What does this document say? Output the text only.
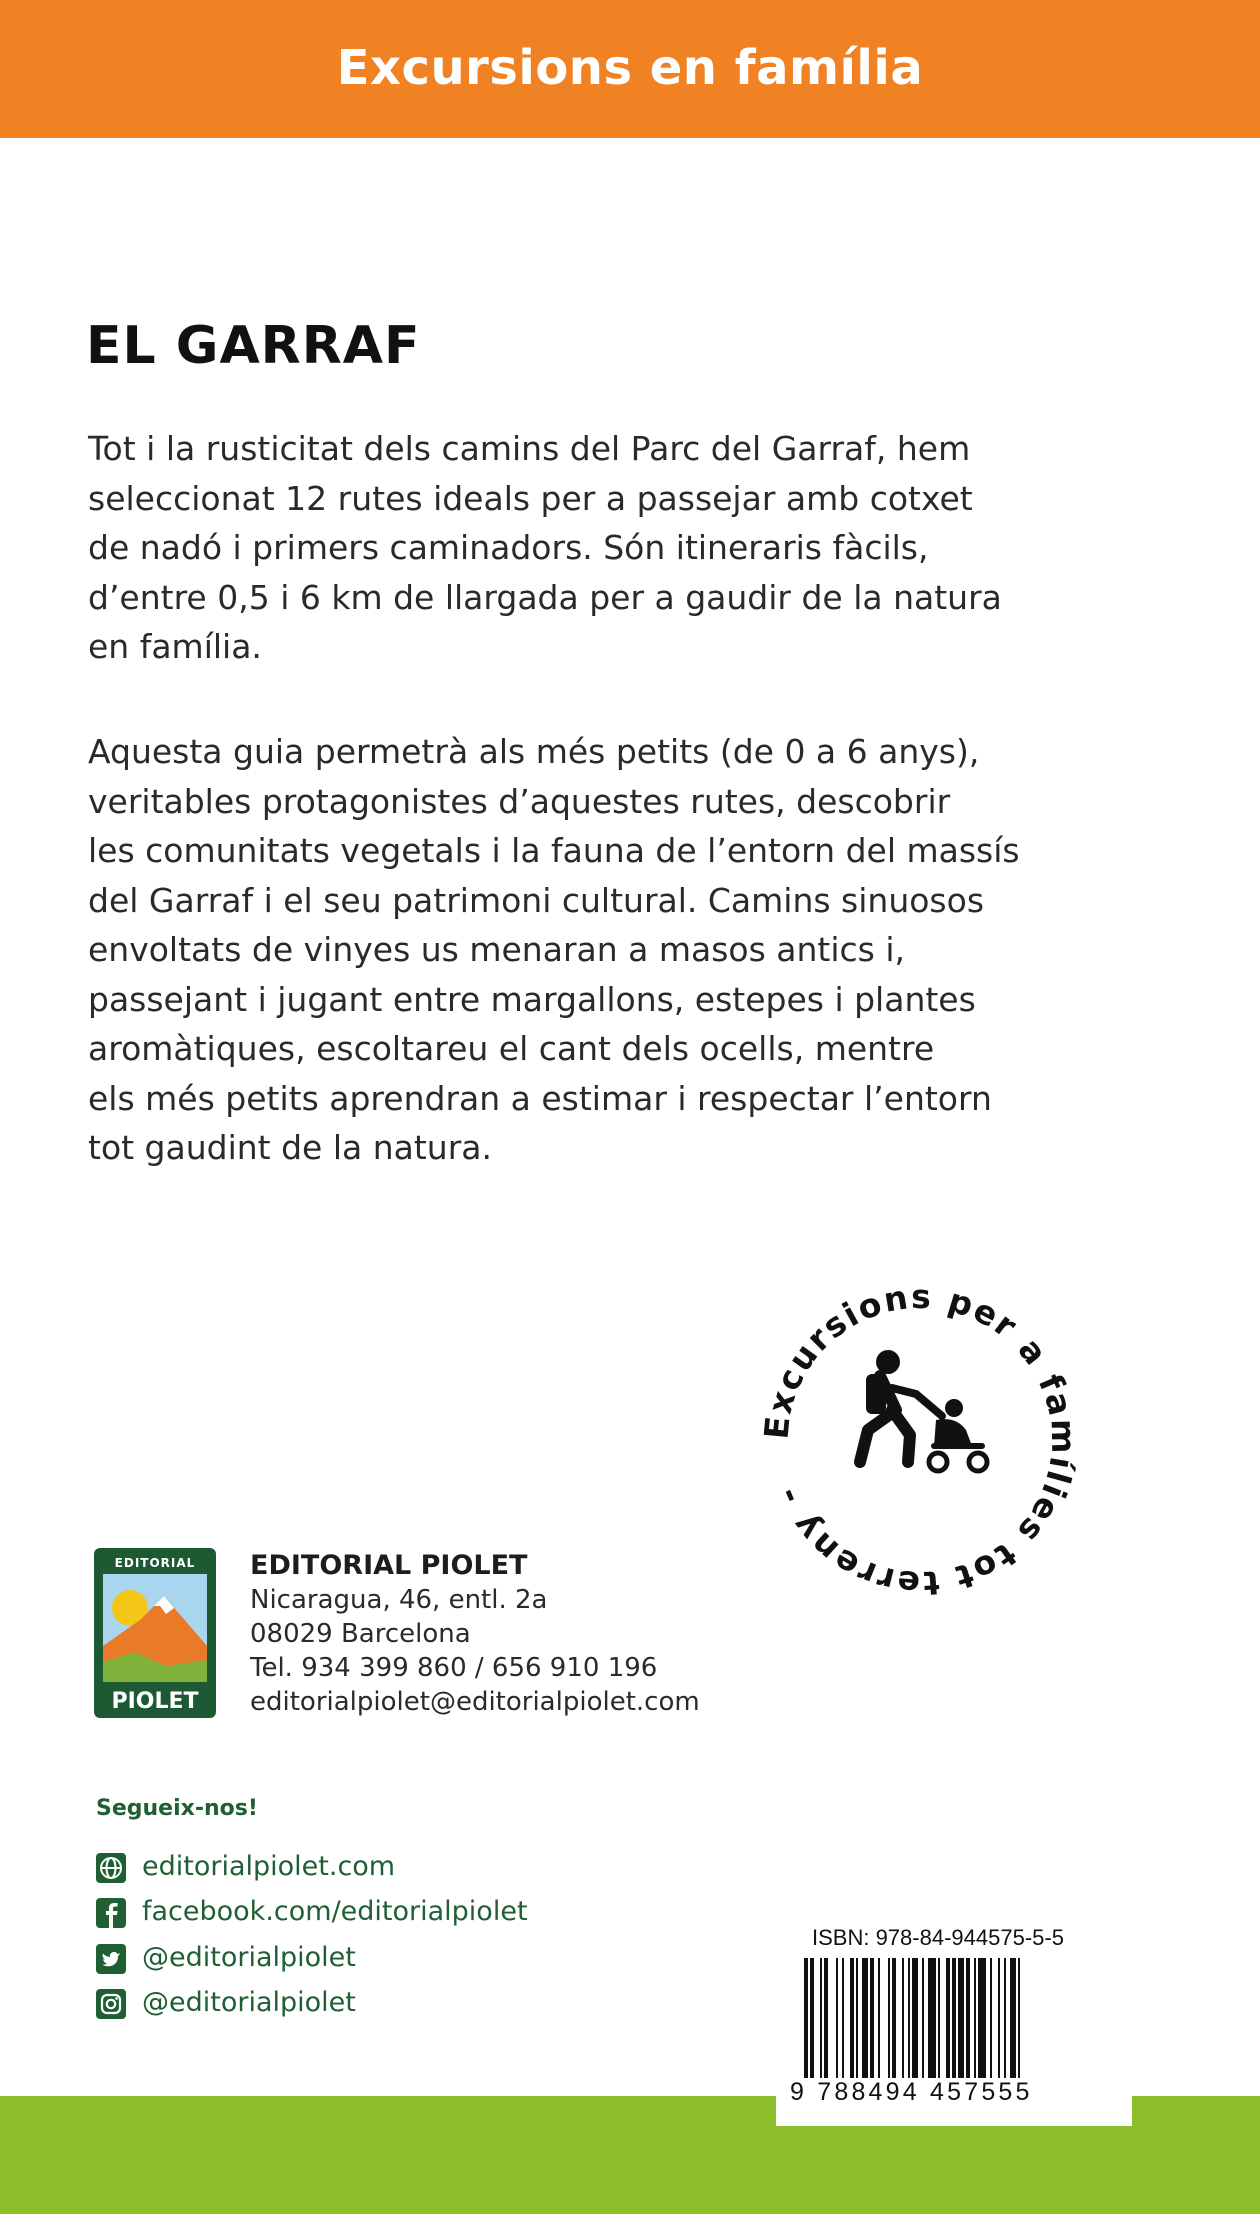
Excursions en família
EL GARRAF

Tot i la rusticitat dels camins del Parc del Garraf, hem
seleccionat 12 rutes ideals per a passejar amb cotxet
de nadó i primers caminadors. Són itineraris fàcils,
d’entre 0,5 i 6 km de llargada per a gaudir de la natura
en família.

Aquesta guia permetrà als més petits (de 0 a 6 anys),
veritables protagonistes d’aquestes rutes, descobrir
les comunitats vegetals i la fauna de l’entorn del massís
del Garraf i el seu patrimoni cultural. Camins sinuosos
envoltats de vinyes us menaran a masos antics i,
passejant i jugant entre margallons, estepes i plantes
aromàtiques, escoltareu el cant dels ocells, mentre
els més petits aprendran a estimar i respectar l’entorn
tot gaudint de la natura.

Excursions per a famílies tot terreny -
EDITORIAL
PIOLET
EDITORIAL PIOLET
Nicaragua, 46, entl. 2a
08029 Barcelona
Tel. 934 399 860 / 656 910 196
editorialpiolet@editorialpiolet.com
Segueix-nos!
editorialpiolet.com
facebook.com/editorialpiolet
@editorialpiolet
@editorialpiolet
ISBN: 978-84-944575-5-5
9 788494 457555
